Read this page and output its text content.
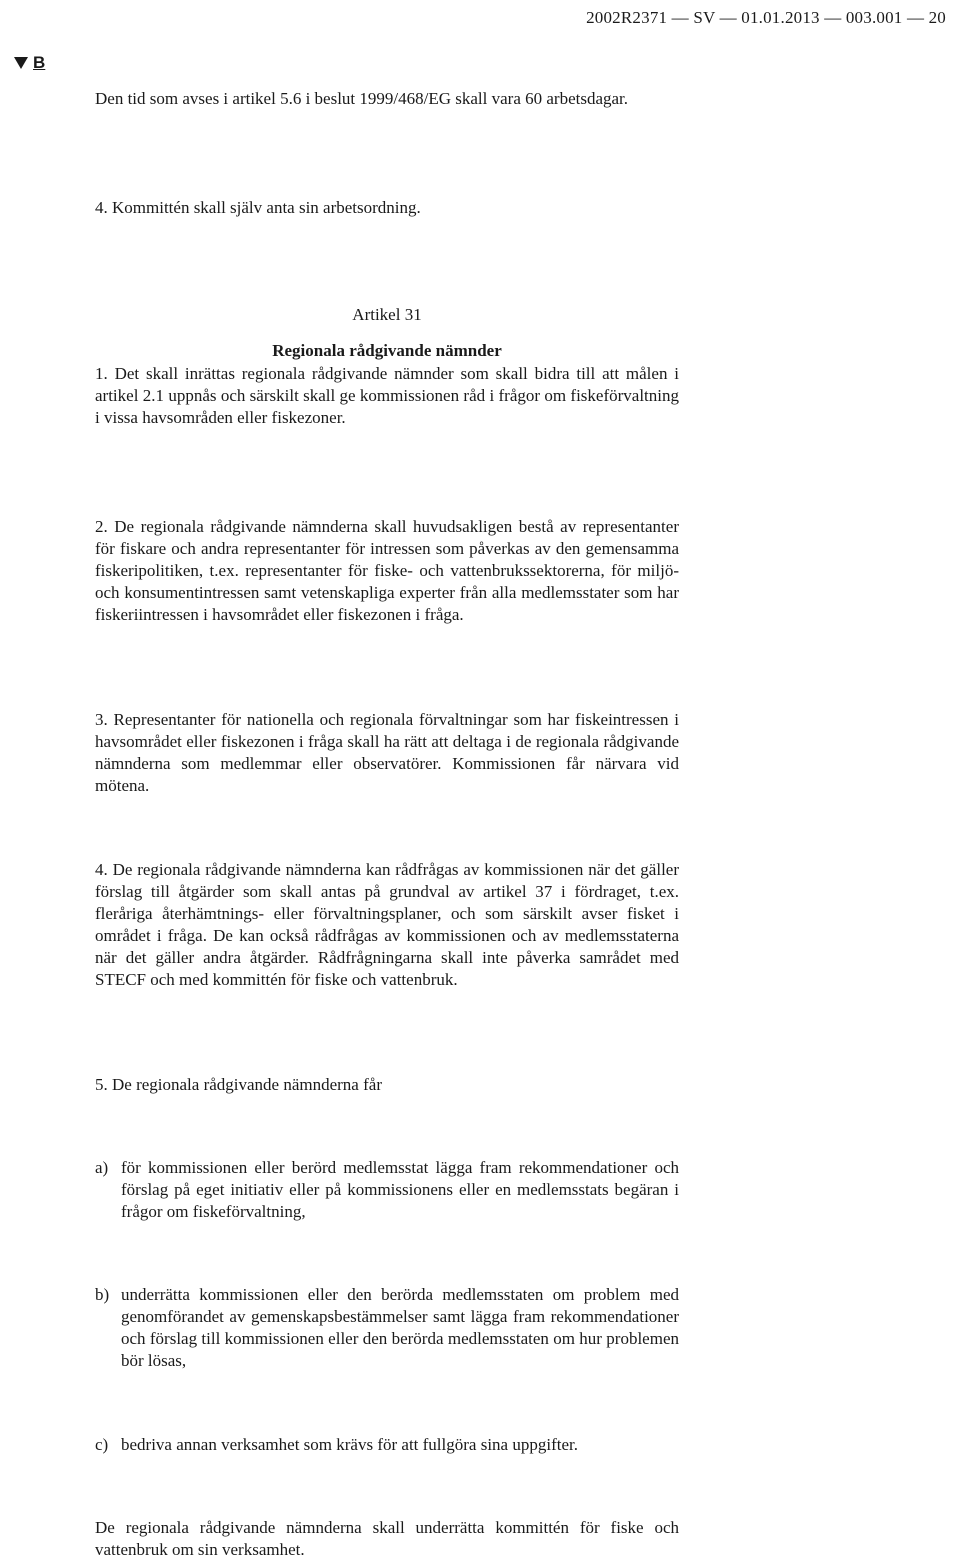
2002R2371 — SV — 01.01.2013 — 003.001 — 20
B
Den tid som avses i artikel 5.6 i beslut 1999/468/EG skall vara 60 arbetsdagar.
4. Kommittén skall själv anta sin arbetsordning.
Artikel 31
Regionala rådgivande nämnder
1. Det skall inrättas regionala rådgivande nämnder som skall bidra till att målen i artikel 2.1 uppnås och särskilt skall ge kommissionen råd i frågor om fiskeförvaltning i vissa havsområden eller fiskezoner.
2. De regionala rådgivande nämnderna skall huvudsakligen bestå av representanter för fiskare och andra representanter för intressen som påverkas av den gemensamma fiskeripolitiken, t.ex. representanter för fiske- och vattenbrukssektorerna, för miljö- och konsumentintressen samt vetenskapliga experter från alla medlemsstater som har fiskeriintressen i havsområdet eller fiskezonen i fråga.
3. Representanter för nationella och regionala förvaltningar som har fiskeintressen i havsområdet eller fiskezonen i fråga skall ha rätt att deltaga i de regionala rådgivande nämnderna som medlemmar eller observatörer. Kommissionen får närvara vid mötena.
4. De regionala rådgivande nämnderna kan rådfrågas av kommissionen när det gäller förslag till åtgärder som skall antas på grundval av artikel 37 i fördraget, t.ex. fleråriga återhämtnings- eller förvaltningsplaner, och som särskilt avser fisket i området i fråga. De kan också rådfrågas av kommissionen och av medlemsstaterna när det gäller andra åtgärder. Rådfrågningarna skall inte påverka samrådet med STECF och med kommittén för fiske och vattenbruk.
5. De regionala rådgivande nämnderna får
a) för kommissionen eller berörd medlemsstat lägga fram rekommendationer och förslag på eget initiativ eller på kommissionens eller en medlemsstats begäran i frågor om fiskeförvaltning,
b) underrätta kommissionen eller den berörda medlemsstaten om problem med genomförandet av gemenskapsbestämmelser samt lägga fram rekommendationer och förslag till kommissionen eller den berörda medlemsstaten om hur problemen bör lösas,
c) bedriva annan verksamhet som krävs för att fullgöra sina uppgifter.
De regionala rådgivande nämnderna skall underrätta kommittén för fiske och vattenbruk om sin verksamhet.
